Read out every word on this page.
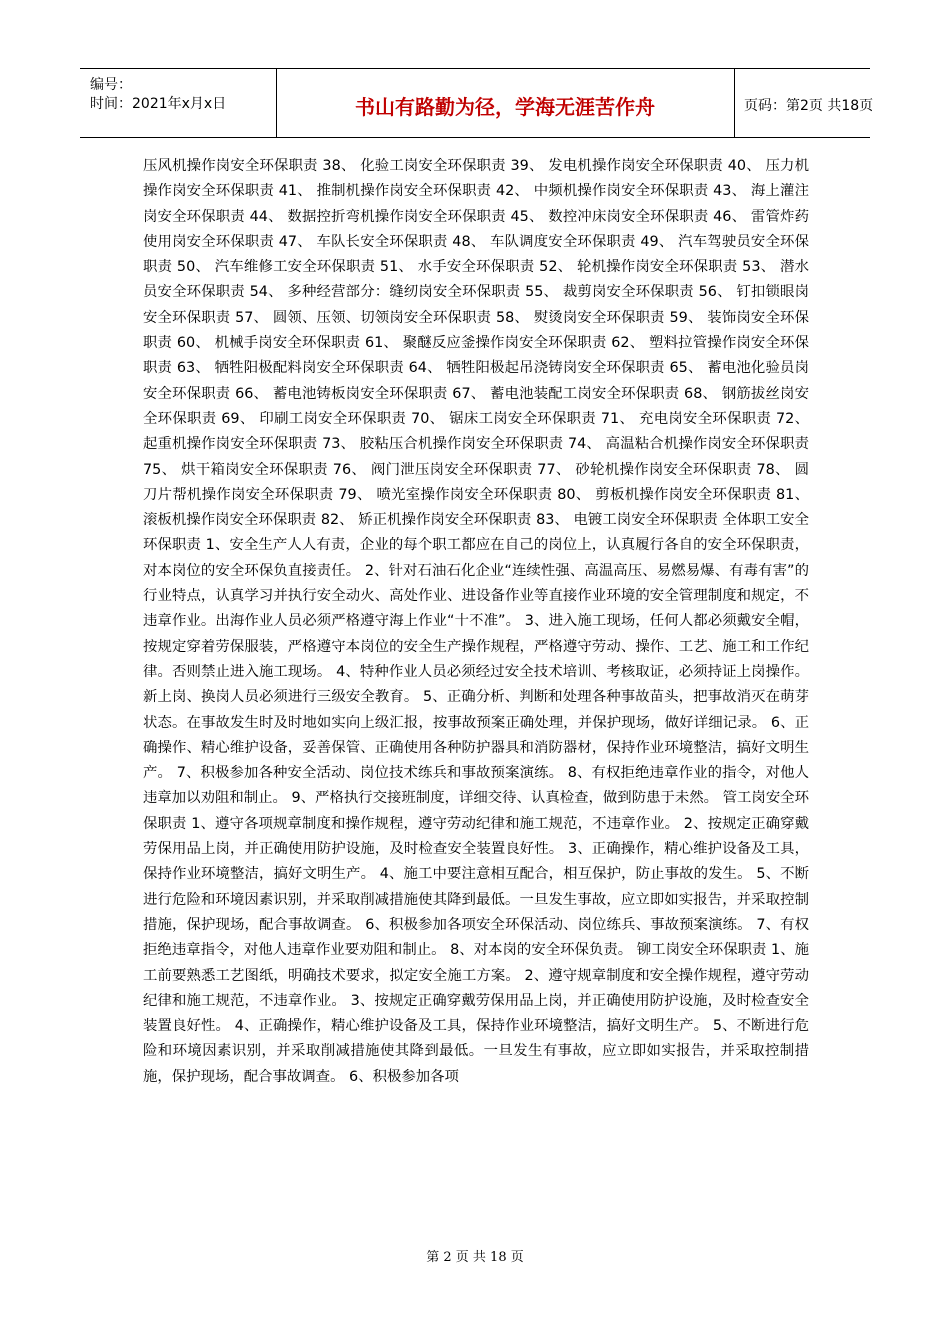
编号：
时间：2021年x月x日	书山有路勤为径，学海无涯苦作舟	页码：第2页 共18页

压风机操作岗安全环保职责 38、 化验工岗安全环保职责 39、 发电机操作岗安全环保职责 40、 压力机操作岗安全环保职责 41、 推制机操作岗安全环保职责 42、 中频机操作岗安全环保职责 43、 海上灌注岗安全环保职责 44、 数据控折弯机操作岗安全环保职责 45、 数控冲床岗安全环保职责 46、 雷管炸药使用岗安全环保职责 47、 车队长安全环保职责 48、 车队调度安全环保职责 49、 汽车驾驶员安全环保职责 50、 汽车维修工安全环保职责 51、 水手安全环保职责 52、 轮机操作岗安全环保职责 53、 潜水员安全环保职责 54、 多种经营部分：缝纫岗安全环保职责 55、 裁剪岗安全环保职责 56、 钉扣锁眼岗安全环保职责 57、 圆领、压领、切领岗安全环保职责 58、 熨烫岗安全环保职责 59、 装饰岗安全环保职责 60、 机械手岗安全环保职责 61、 聚醚反应釜操作岗安全环保职责 62、 塑料拉管操作岗安全环保职责 63、 牺牲阳极配料岗安全环保职责 64、 牺牲阳极起吊浇铸岗安全环保职责 65、 蓄电池化验员岗安全环保职责 66、 蓄电池铸板岗安全环保职责 67、 蓄电池装配工岗安全环保职责 68、 钢筋拔丝岗安全环保职责 69、 印刷工岗安全环保职责 70、 锯床工岗安全环保职责 71、 充电岗安全环保职责 72、 起重机操作岗安全环保职责 73、 胶粘压合机操作岗安全环保职责 74、 高温粘合机操作岗安全环保职责 75、 烘干箱岗安全环保职责 76、 阀门泄压岗安全环保职责 77、 砂轮机操作岗安全环保职责 78、 圆刀片帮机操作岗安全环保职责 79、 喷光室操作岗安全环保职责 80、 剪板机操作岗安全环保职责 81、 滚板机操作岗安全环保职责 82、 矫正机操作岗安全环保职责 83、 电镀工岗安全环保职责 全体职工安全环保职责 1、安全生产人人有责，企业的每个职工都应在自己的岗位上，认真履行各自的安全环保职责，对本岗位的安全环保负直接责任。 2、针对石油石化企业“连续性强、高温高压、易燃易爆、有毒有害”的行业特点，认真学习并执行安全动火、高处作业、进设备作业等直接作业环境的安全管理制度和规定，不违章作业。出海作业人员必须严格遵守海上作业“十不准”。 3、进入施工现场，任何人都必须戴安全帽，按规定穿着劳保服装，严格遵守本岗位的安全生产操作规程，严格遵守劳动、操作、工艺、施工和工作纪律。否则禁止进入施工现场。 4、特种作业人员必须经过安全技术培训、考核取证，必须持证上岗操作。新上岗、换岗人员必须进行三级安全教育。 5、正确分析、判断和处理各种事故苗头，把事故消灭在萌芽状态。在事故发生时及时地如实向上级汇报，按事故预案正确处理，并保护现场，做好详细记录。 6、正确操作、精心维护设备，妥善保管、正确使用各种防护器具和消防器材，保持作业环境整洁，搞好文明生产。 7、积极参加各种安全活动、岗位技术练兵和事故预案演练。 8、有权拒绝违章作业的指令，对他人违章加以劝阻和制止。 9、严格执行交接班制度，详细交待、认真检查，做到防患于未然。 管工岗安全环保职责 1、遵守各项规章制度和操作规程，遵守劳动纪律和施工规范，不违章作业。 2、按规定正确穿戴劳保用品上岗，并正确使用防护设施，及时检查安全装置良好性。 3、正确操作，精心维护设备及工具，保持作业环境整洁，搞好文明生产。 4、施工中要注意相互配合，相互保护，防止事故的发生。 5、不断进行危险和环境因素识别，并采取削减措施使其降到最低。一旦发生事故，应立即如实报告，并采取控制措施，保护现场，配合事故调查。 6、积极参加各项安全环保活动、岗位练兵、事故预案演练。 7、有权拒绝违章指令，对他人违章作业要劝阻和制止。 8、对本岗的安全环保负责。 铆工岗安全环保职责 1、施工前要熟悉工艺图纸，明确技术要求，拟定安全施工方案。 2、遵守规章制度和安全操作规程，遵守劳动纪律和施工规范，不违章作业。 3、按规定正确穿戴劳保用品上岗，并正确使用防护设施，及时检查安全装置良好性。 4、正确操作，精心维护设备及工具，保持作业环境整洁，搞好文明生产。 5、不断进行危险和环境因素识别，并采取削减措施使其降到最低。一旦发生有事故，应立即如实报告，并采取控制措施，保护现场，配合事故调查。 6、积极参加各项

第 2 页 共 18 页
